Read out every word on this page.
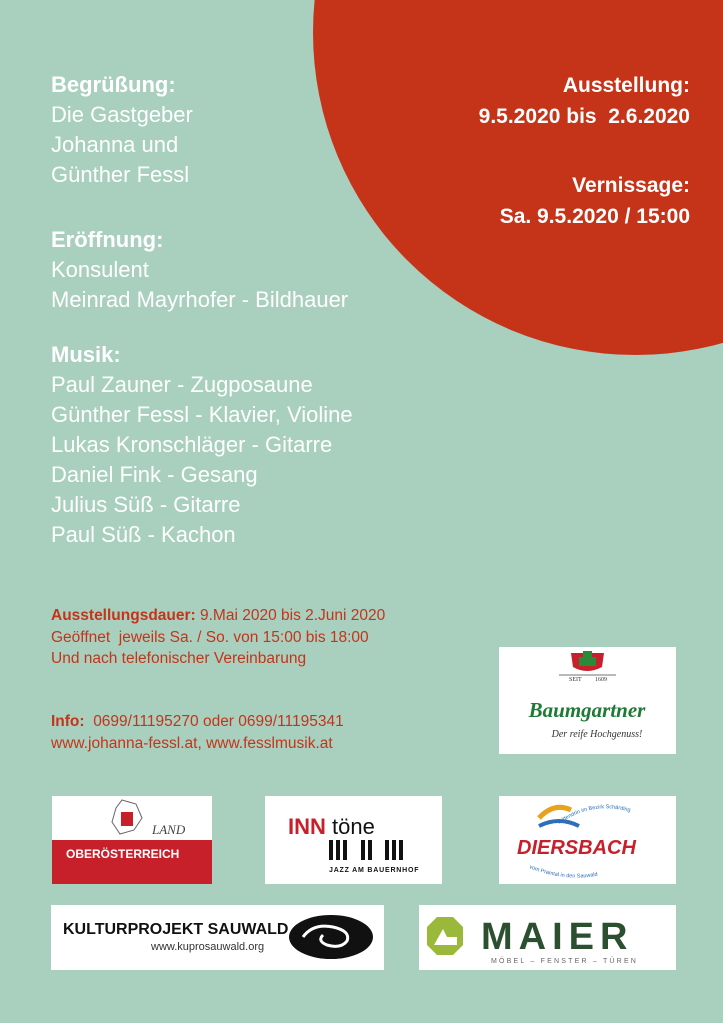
Begrüßung:
Die Gastgeber
Johanna und
Günther Fessl
Eröffnung:
Konsulent
Meinrad Mayrhofer - Bildhauer
Musik:
Paul Zauner - Zugposaune
Günther Fessl - Klavier, Violine
Lukas Kronschläger - Gitarre
Daniel Fink - Gesang
Julius Süß - Gitarre
Paul Süß - Kachon
Ausstellung:
9.5.2020 bis  2.6.2020
Vernissage:
Sa. 9.5.2020 / 15:00
Ausstellungsdauer: 9.Mai 2020 bis 2.Juni 2020
Geöffnet  jeweils Sa. / So. von 15:00 bis 18:00
Und nach telefonischer Vereinbarung
Info:  0699/11195270 oder 0699/11195341
www.johanna-fessl.at, www.fesslmusik.at
SEIT 1609
Baumgartner
Der reife Hochgenuss!
LAND
OBERÖSTERREICH
INN töne
JAZZ AM BAUERNHOF
mittendrin im Bezirk Schärding
DIERSBACH
vom Pramtal in den Sauwald
KULTURPROJEKT SAUWALD
www.kuprosauwald.org	MAIER
MÖBEL – FENSTER – TÜREN
